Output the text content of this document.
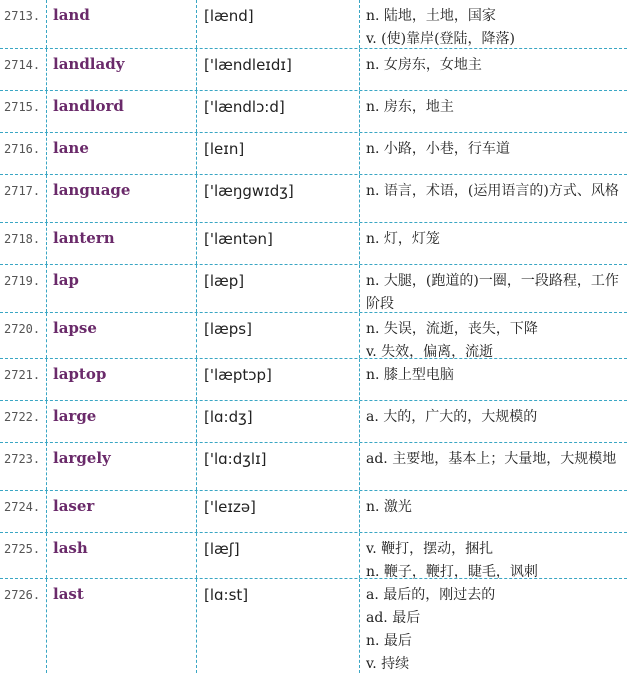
2713. land	[lænd]	n. 陆地，土地，国家
v. (使)靠岸(登陆，降落)
2714. landlady	['lændleɪdɪ]	n. 女房东，女地主
2715. landlord	['lændlɔ:d]	n. 房东，地主
2716. lane	[leɪn]	n. 小路，小巷，行车道
2717. language	['læŋgwɪdʒ]	n. 语言，术语，(运用语言的)方式、风格
2718. lantern	['læntən]	n. 灯，灯笼
2719. lap	[læp]	n. 大腿，(跑道的)一圈，一段路程，工作阶段
2720. lapse	[læps]	n. 失误，流逝，丧失，下降
v. 失效，偏离，流逝
2721. laptop	['læptɔp]	n. 膝上型电脑
2722. large	[lɑ:dʒ]	a. 大的，广大的，大规模的
2723. largely	['lɑ:dʒlɪ]	ad. 主要地，基本上；大量地，大规模地
2724. laser	['leɪzə]	n. 激光
2725. lash	[læʃ]	v. 鞭打，摆动，捆扎
n. 鞭子，鞭打，睫毛，讽刺
2726. last	[lɑ:st]	a. 最后的，刚过去的
ad. 最后
n. 最后
v. 持续
